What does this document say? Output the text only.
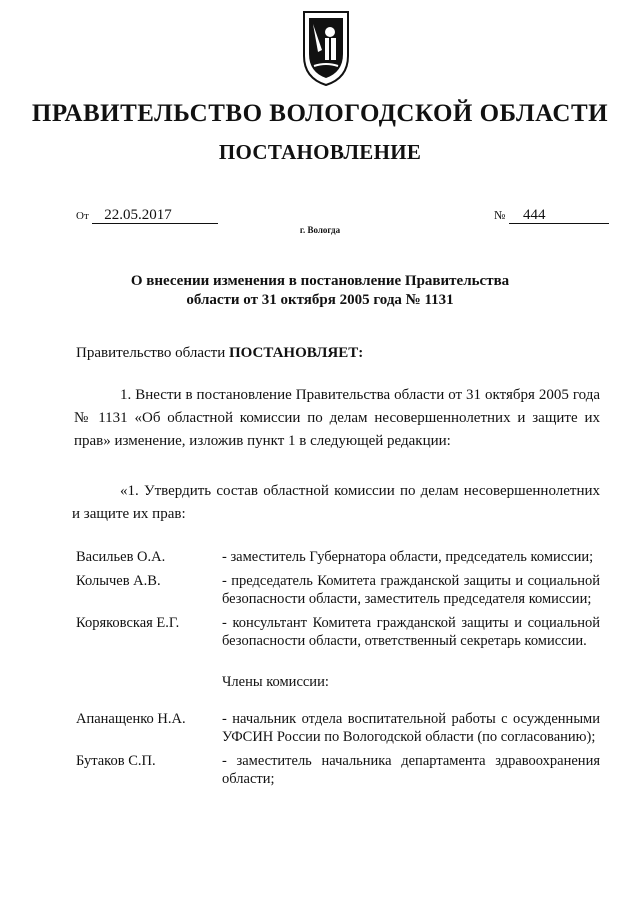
ПРАВИТЕЛЬСТВО ВОЛОГОДСКОЙ ОБЛАСТИ
ПОСТАНОВЛЕНИЕ
От 22.05.2017	№ 444
г. Вологда
О внесении изменения в постановление Правительства
области от 31 октября 2005 года № 1131
Правительство области ПОСТАНОВЛЯЕТ:
1. Внести в постановление Правительства области от 31 октября 2005 года № 1131 «Об областной комиссии по делам несовершеннолетних и защите их прав» изменение, изложив пункт 1 в следующей редакции:
«1. Утвердить состав областной комиссии по делам несовершеннолетних и защите их прав:
Васильев О.А.	- заместитель Губернатора области, председатель комиссии;
Колычев А.В.	- председатель Комитета гражданской защиты и социальной безопасности области, заместитель председателя комиссии;
Коряковская Е.Г.	- консультант Комитета гражданской защиты и социальной безопасности области, ответственный секретарь комиссии.
Члены комиссии:
Апанащенко Н.А.	- начальник отдела воспитательной работы с осужденными УФСИН России по Вологодской области (по согласованию);
Бутаков С.П.	- заместитель начальника департамента здравоохранения области;
